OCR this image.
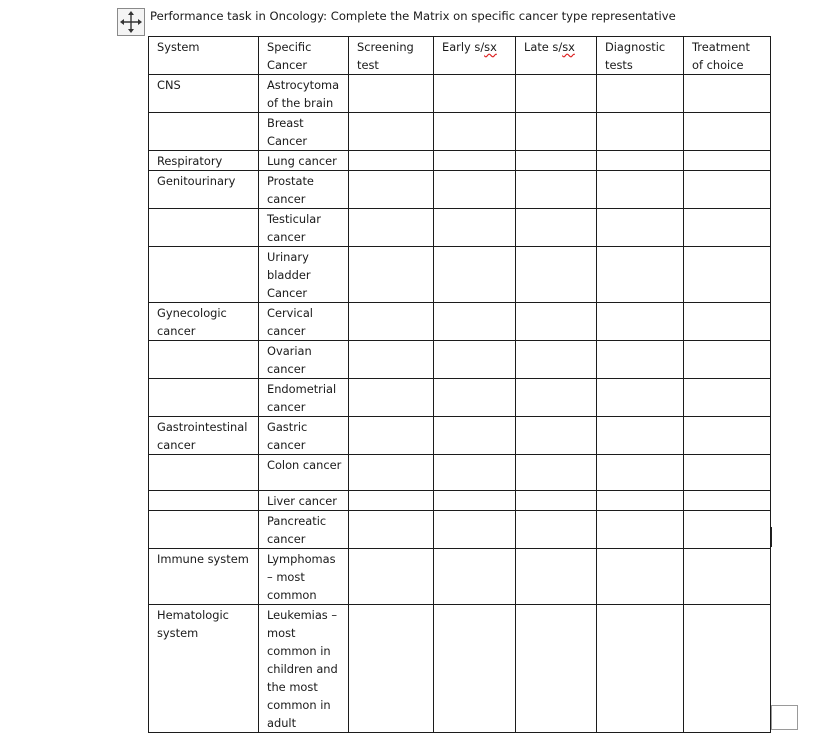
Performance task in Oncology: Complete the Matrix on specific cancer type representative
System	Specific Cancer	Screening test	Early s/sx	Late s/sx	Diagnostic tests	Treatment of choice
CNS	Astrocytoma of the brain					
	Breast Cancer					
Respiratory	Lung cancer					
Genitourinary	Prostate cancer					
	Testicular cancer					
	Urinary bladder Cancer					
Gynecologic cancer	Cervical cancer					
	Ovarian cancer					
	Endometrial cancer					
Gastrointestinal cancer	Gastric cancer					
	Colon cancer					
	Liver cancer					
	Pancreatic cancer					
Immune system	Lymphomas – most common					
Hematologic system	Leukemias – most common in children and the most common in adult					
